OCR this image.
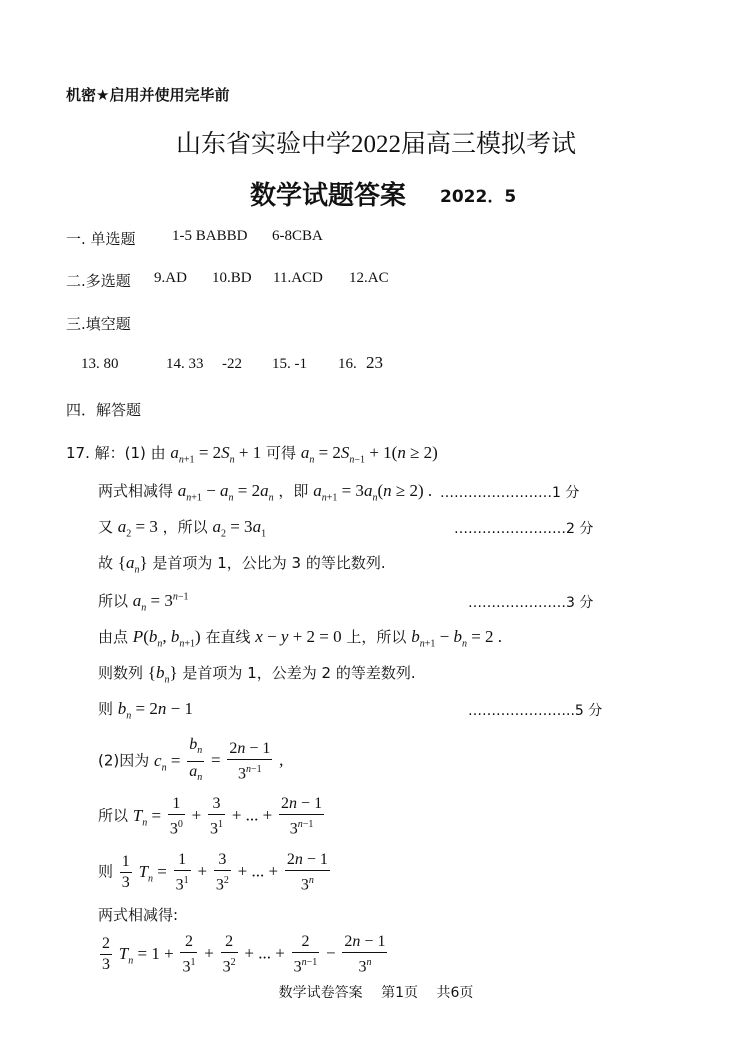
机密★启用并使用完毕前
山东省实验中学2022届高三模拟考试
数学试题答案 2022．5
一. 单选题 1-5 BABBD 6-8CBA
二.多选题 9.AD 10.BD 11.ACD 12.AC
三.填空题
13. 80	14. 33 -22 15. -1 16. 23
四．解答题
17. 解：(1) 由 $a_{n+1} = 2S_n + 1$ 可得 $a_n = 2S_{n-1} + 1(n \ge 2)$
两式相减得 $a_{n+1} - a_n = 2a_n$ ，即 $a_{n+1} = 3a_n(n \ge 2)$ . ……………………1 分
又 $a_2 = 3$ ，所以 $a_2 = 3a_1$	……………………2 分
故 $\{a_n\}$ 是首项为 1，公比为 3 的等比数列.
所以 $a_n = 3^{n-1}$	…………………3 分
由点 $P(b_n$, $b_{n+1}$) 在直线 x − y + 2 = 0 上，所以 $b_{n+1} - b_n = 2$ .
则数列 $\{b_n\}$ 是首项为 1，公差为 2 的等差数列.
则 $b_n = 2n - 1$	…………………..5 分
(2)因为 $c_n = \frac{b_n}{a_n} = \frac{2n - 1}{3^{n-1}}$ ,
所以 $T_n = \frac{1}{3^0} + \frac{3}{3^1}$ + ... + $\frac{2n - 1}{3^{n-1}}$
则 $\frac{1}{3} T_n = \frac{1}{3^1} + \frac{3}{3^2}$ + ... + $\frac{2n - 1}{3^n}$
两式相减得:
$\frac{2}{3} T_n = 1 + \frac{2}{3^1} + \frac{2}{3^2}$ + ... + $\frac{2}{3^{n-1}} - \frac{2n - 1}{3^n}$
数学试卷答案　 第1页　 共6页
